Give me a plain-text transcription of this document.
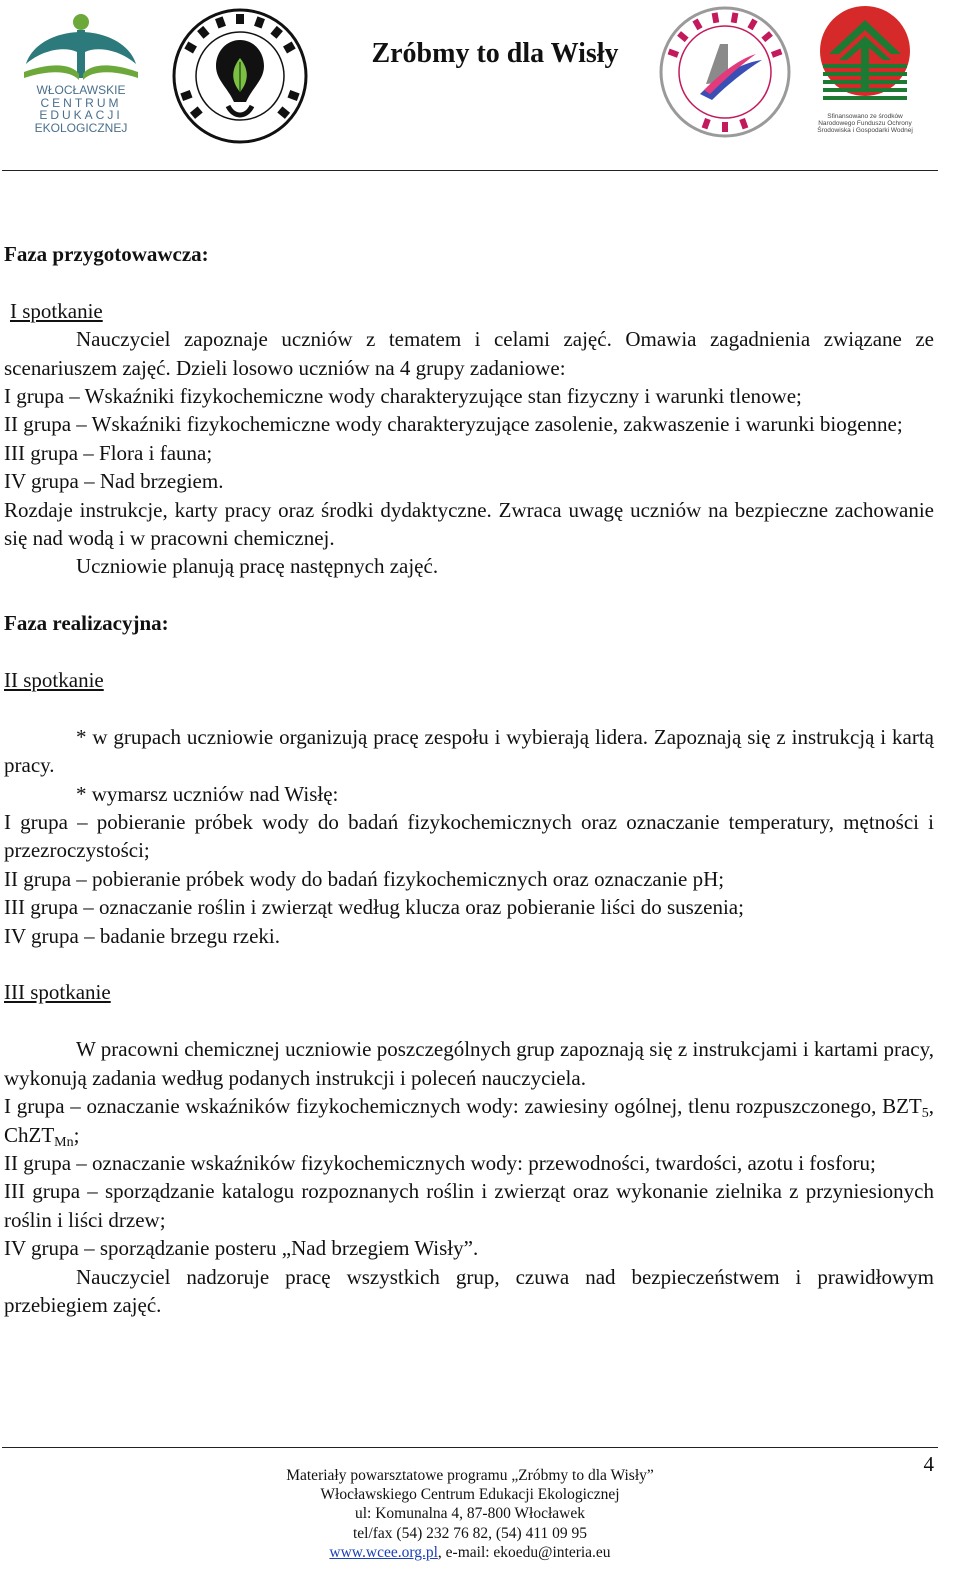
WŁOCŁAWSKIE
CENTRUM
EDUKACJI
EKOLOGICZNEJ
Zróbmy to dla Wisły
Sfinansowano ze środków
Narodowego Funduszu Ochrony
Środowiska i Gospodarki Wodnej

Faza przygotowawcza:

I spotkanie

Nauczyciel zapoznaje uczniów z tematem i celami zajęć. Omawia zagadnienia związane ze scenariuszem zajęć. Dzieli losowo uczniów na 4 grupy zadaniowe:

I grupa – Wskaźniki fizykochemiczne wody charakteryzujące stan fizyczny i warunki tlenowe;

II grupa – Wskaźniki fizykochemiczne wody charakteryzujące zasolenie, zakwaszenie i warunki biogenne;

III grupa – Flora i fauna;

IV grupa – Nad brzegiem.

Rozdaje instrukcje, karty pracy oraz środki dydaktyczne. Zwraca uwagę uczniów na bezpieczne zachowanie się nad wodą i w pracowni chemicznej.

Uczniowie planują pracę następnych zajęć.

Faza realizacyjna:

II spotkanie

* w grupach uczniowie organizują pracę zespołu i wybierają lidera. Zapoznają się z instrukcją i kartą pracy.

* wymarsz uczniów nad Wisłę:

I grupa – pobieranie próbek wody do badań fizykochemicznych oraz oznaczanie temperatury, mętności i przezroczystości;

II grupa – pobieranie próbek wody do badań fizykochemicznych oraz oznaczanie pH;

III grupa – oznaczanie roślin i zwierząt według klucza oraz pobieranie liści do suszenia;

IV grupa – badanie brzegu rzeki.

III spotkanie

W pracowni chemicznej uczniowie poszczególnych grup zapoznają się z instrukcjami i kartami pracy, wykonują zadania według podanych instrukcji i poleceń nauczyciela.

I grupa – oznaczanie wskaźników fizykochemicznych wody: zawiesiny ogólnej, tlenu rozpuszczonego, $BZT_5$, ChZT$_{Mn}$;

II grupa – oznaczanie wskaźników fizykochemicznych wody: przewodności, twardości, azotu i fosforu;

III grupa – sporządzanie katalogu rozpoznanych roślin i zwierząt oraz wykonanie zielnika z przyniesionych roślin i liści drzew;

IV grupa – sporządzanie posteru „Nad brzegiem Wisły”.

Nauczyciel nadzoruje pracę wszystkich grup, czuwa nad bezpieczeństwem i prawidłowym przebiegiem zajęć.

4
Materiały powarsztatowe programu „Zróbmy to dla Wisły”
Włocławskiego Centrum Edukacji Ekologicznej
ul: Komunalna 4, 87-800 Włocławek
tel/fax (54) 232 76 82, (54) 411 09 95
www.wcee.org.pl, e-mail: ekoedu@interia.eu
